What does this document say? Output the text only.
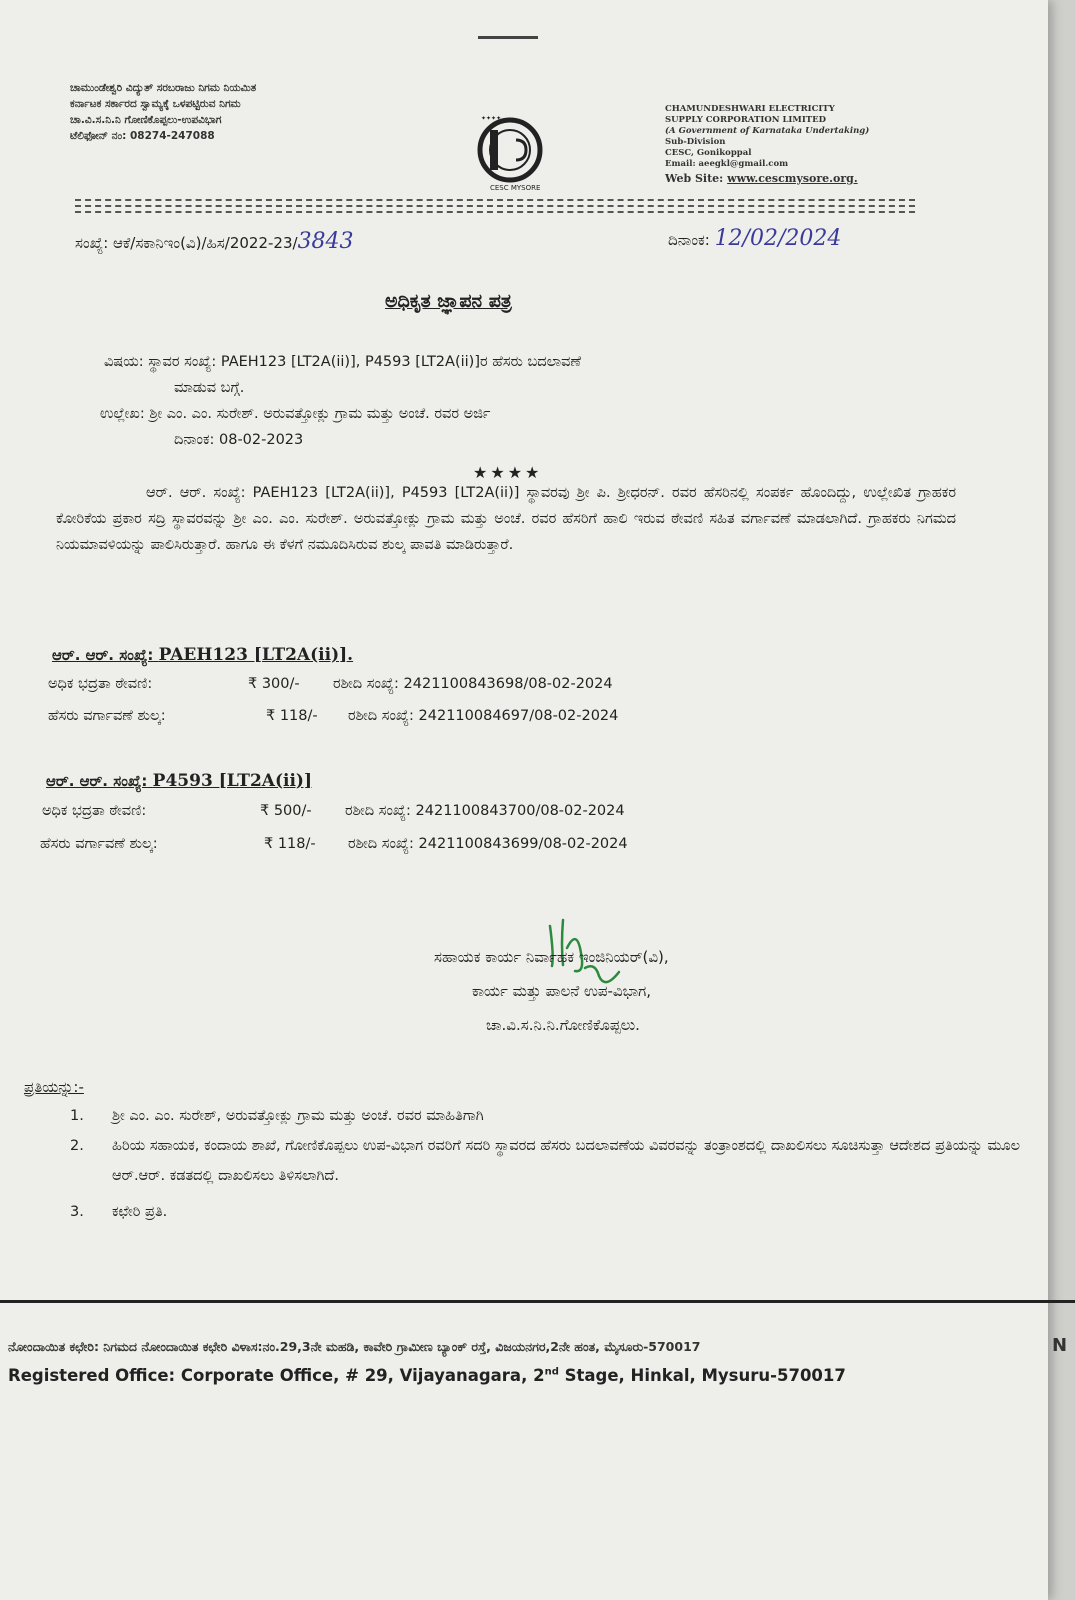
ಚಾಮುಂಡೇಶ್ವರಿ ವಿದ್ಯುತ್ ಸರಬರಾಜು ನಿಗಮ ನಿಯಮಿತ
ಕರ್ನಾಟಕ ಸರ್ಕಾರದ ಸ್ವಾಮ್ಯಕ್ಕೆ ಒಳಪಟ್ಟಿರುವ ನಿಗಮ
ಚಾ.ವಿ.ಸ.ನಿ.ನಿ ಗೋಣಿಕೊಪ್ಪಲು-ಉಪವಿಭಾಗ
ಟೆಲಿಫೋನ್ ನಂ: 08274-247088
✦✦✦✦
CESC MYSORE
CHAMUNDESHWARI ELECTRICITY
SUPPLY CORPORATION LIMITED
(A Government of Karnataka Undertaking)
Sub-Division
CESC, Gonikoppal
Email: aeegkl@gmail.com
Web Site: www.cescmysore.org.
ಸಂಖ್ಯೆ: ಆಕೆ/ಸಕಾನಿಇಂ(ವಿ)/ಹಿಸ/2022-23/3843	ದಿನಾಂಕ: 12/02/2024
ಅಧಿಕೃತ ಜ್ಞಾಪನ ಪತ್ರ
ವಿಷಯ: ಸ್ಥಾವರ ಸಂಖ್ಯೆ: PAEH123 [LT2A(ii)], P4593 [LT2A(ii)]ರ ಹೆಸರು ಬದಲಾವಣೆ
ಮಾಡುವ ಬಗ್ಗೆ.
ಉಲ್ಲೇಖ: ಶ್ರೀ ಎಂ. ಎಂ. ಸುರೇಶ್. ಅರುವತ್ತೋಕ್ಲು ಗ್ರಾಮ ಮತ್ತು ಅಂಚೆ. ರವರ ಅರ್ಜಿ
ದಿನಾಂಕ: 08-02-2023
★★★★
ಆರ್. ಆರ್. ಸಂಖ್ಯೆ: PAEH123 [LT2A(ii)], P4593 [LT2A(ii)] ಸ್ಥಾವರವು ಶ್ರೀ ಪಿ. ಶ್ರೀಧರನ್. ರವರ ಹೆಸರಿನಲ್ಲಿ ಸಂಪರ್ಕ ಹೊಂದಿದ್ದು, ಉಲ್ಲೇಖಿತ ಗ್ರಾಹಕರ ಕೋರಿಕೆಯ ಪ್ರಕಾರ ಸದ್ರಿ ಸ್ಥಾವರವನ್ನು ಶ್ರೀ ಎಂ. ಎಂ. ಸುರೇಶ್. ಅರುವತ್ತೋಕ್ಲು ಗ್ರಾಮ ಮತ್ತು ಅಂಚೆ. ರವರ ಹೆಸರಿಗೆ ಹಾಲಿ ಇರುವ ಠೇವಣಿ ಸಹಿತ ವರ್ಗಾವಣೆ ಮಾಡಲಾಗಿದೆ. ಗ್ರಾಹಕರು ನಿಗಮದ ನಿಯಮಾವಳಿಯನ್ನು ಪಾಲಿಸಿರುತ್ತಾರೆ. ಹಾಗೂ ಈ ಕೆಳಗೆ ನಮೂದಿಸಿರುವ ಶುಲ್ಕ ಪಾವತಿ ಮಾಡಿರುತ್ತಾರೆ.
ಆರ್. ಆರ್. ಸಂಖ್ಯೆ: PAEH123 [LT2A(ii)].
ಅಧಿಕ ಭದ್ರತಾ ಠೇವಣಿ:	₹ 300/- ರಶೀದಿ ಸಂಖ್ಯೆ: 2421100843698/08-02-2024
ಹೆಸರು ವರ್ಗಾವಣೆ ಶುಲ್ಕ:	₹ 118/- ರಶೀದಿ ಸಂಖ್ಯೆ: 242110084697/08-02-2024
ಆರ್. ಆರ್. ಸಂಖ್ಯೆ: P4593 [LT2A(ii)]
ಅಧಿಕ ಭದ್ರತಾ ಠೇವಣಿ:	₹ 500/- ರಶೀದಿ ಸಂಖ್ಯೆ: 2421100843700/08-02-2024
ಹೆಸರು ವರ್ಗಾವಣೆ ಶುಲ್ಕ:	₹ 118/- ರಶೀದಿ ಸಂಖ್ಯೆ: 2421100843699/08-02-2024
ಸಹಾಯಕ ಕಾರ್ಯ ನಿರ್ವಾಹಕ ಇಂಜಿನಿಯರ್(ವಿ),
ಕಾರ್ಯ ಮತ್ತು ಪಾಲನೆ ಉಪ-ವಿಭಾಗ,
ಚಾ.ವಿ.ಸ.ನಿ.ನಿ.ಗೋಣಿಕೊಪ್ಪಲು.
ಪ್ರತಿಯನ್ನು:-
1. ಶ್ರೀ ಎಂ. ಎಂ. ಸುರೇಶ್, ಅರುವತ್ತೋಕ್ಲು ಗ್ರಾಮ ಮತ್ತು ಅಂಚೆ. ರವರ ಮಾಹಿತಿಗಾಗಿ
2. ಹಿರಿಯ ಸಹಾಯಕ, ಕಂದಾಯ ಶಾಖೆ, ಗೋಣಿಕೊಪ್ಪಲು ಉಪ-ವಿಭಾಗ ರವರಿಗೆ ಸದರಿ ಸ್ಥಾವರದ ಹೆಸರು ಬದಲಾವಣೆಯ ವಿವರವನ್ನು ತಂತ್ರಾಂಶದಲ್ಲಿ ದಾಖಲಿಸಲು ಸೂಚಿಸುತ್ತಾ ಆದೇಶದ ಪ್ರತಿಯನ್ನು ಮೂಲ ಆರ್.ಆರ್. ಕಡತದಲ್ಲಿ ದಾಖಲಿಸಲು ತಿಳಿಸಲಾಗಿದೆ.
3. ಕಛೇರಿ ಪ್ರತಿ.
ನೋಂದಾಯಿತ ಕಛೇರಿ: ನಿಗಮದ ನೋಂದಾಯಿತ ಕಛೇರಿ ವಿಳಾಸ:ನಂ.29,3ನೇ ಮಹಡಿ, ಕಾವೇರಿ ಗ್ರಾಮೀಣ ಬ್ಯಾಂಕ್ ರಸ್ತೆ, ವಿಜಯನಗರ,2ನೇ ಹಂತ, ಮೈಸೂರು-570017
Registered Office: Corporate Office, # 29, Vijayanagara, 2nd Stage, Hinkal, Mysuru-570017
N
